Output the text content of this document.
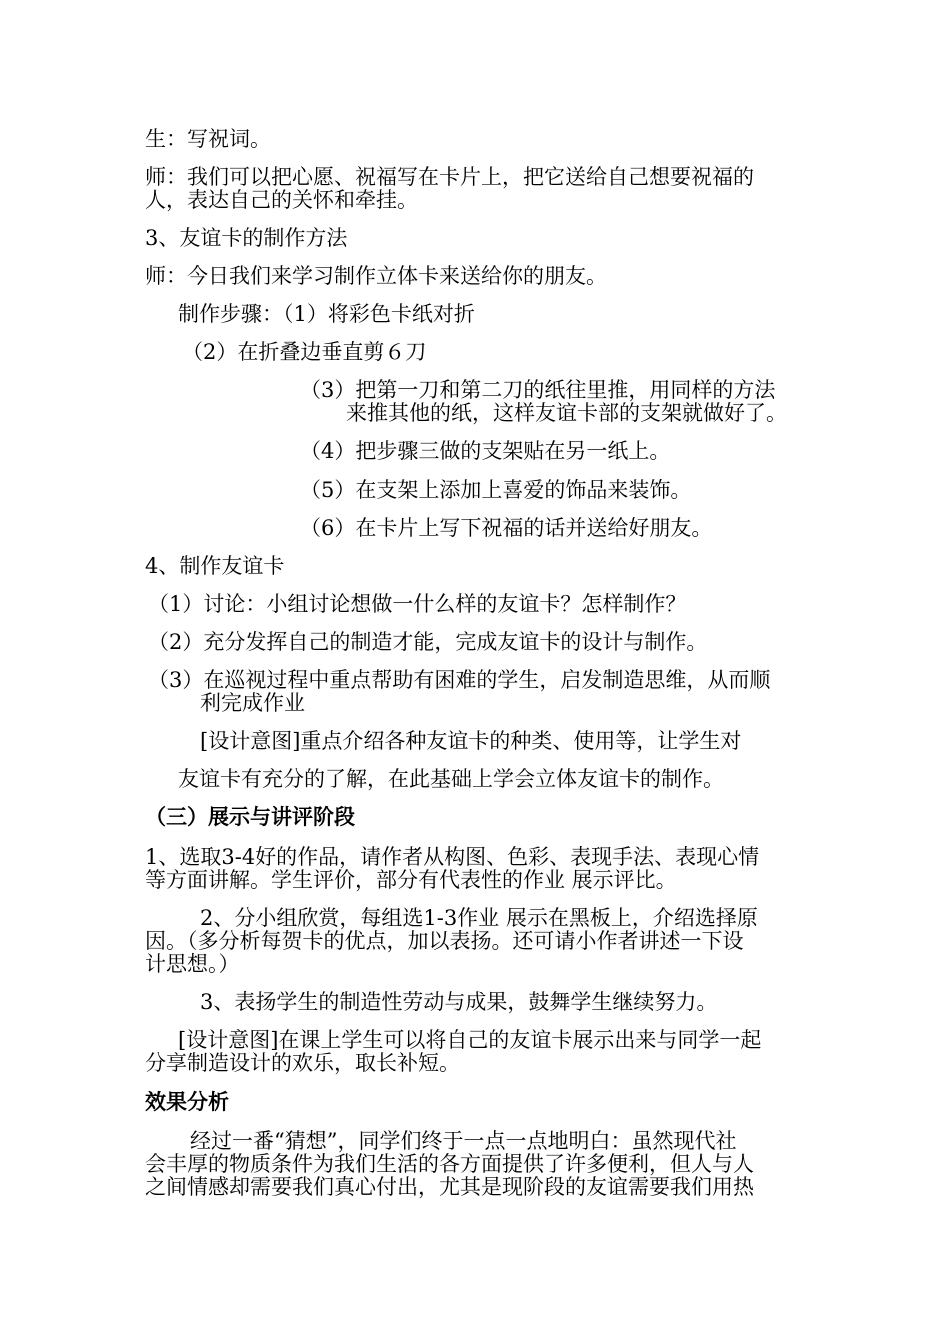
生：写祝词。
师：我们可以把心愿、祝福写在卡片上，把它送给自己想要祝福的
人，表达自己的关怀和牵挂。
3、友谊卡的制作方法
师：今日我们来学习制作立体卡来送给你的朋友。
制作步骤：（1）将彩色卡纸对折
（2）在折叠边垂直剪６刀
（3）把第一刀和第二刀的纸往里推，用同样的方法
来推其他的纸，这样友谊卡部的支架就做好了。
（4）把步骤三做的支架贴在另一纸上。
（5）在支架上添加上喜爱的饰品来装饰。
（6）在卡片上写下祝福的话并送给好朋友。
4、制作友谊卡
（1）讨论：小组讨论想做一什么样的友谊卡？怎样制作？
（2）充分发挥自己的制造才能，完成友谊卡的设计与制作。
（3）在巡视过程中重点帮助有困难的学生，启发制造思维，从而顺
利完成作业
[设计意图]重点介绍各种友谊卡的种类、使用等，让学生对
友谊卡有充分的了解，在此基础上学会立体友谊卡的制作。
（三）展示与讲评阶段
1、选取3-4好的作品，请作者从构图、色彩、表现手法、表现心情
等方面讲解。学生评价，部分有代表性的作业 展示评比。
2、分小组欣赏，每组选1-3作业 展示在黑板上，介绍选择原
因。（多分析每贺卡的优点，加以表扬。还可请小作者讲述一下设
计思想。）
3、表扬学生的制造性劳动与成果，鼓舞学生继续努力。
[设计意图]在课上学生可以将自己的友谊卡展示出来与同学一起
分享制造设计的欢乐，取长补短。
效果分析
经过一番“猜想”，同学们终于一点一点地明白：虽然现代社
会丰厚的物质条件为我们生活的各方面提供了许多便利，但人与人
之间情感却需要我们真心付出，尤其是现阶段的友谊需要我们用热
